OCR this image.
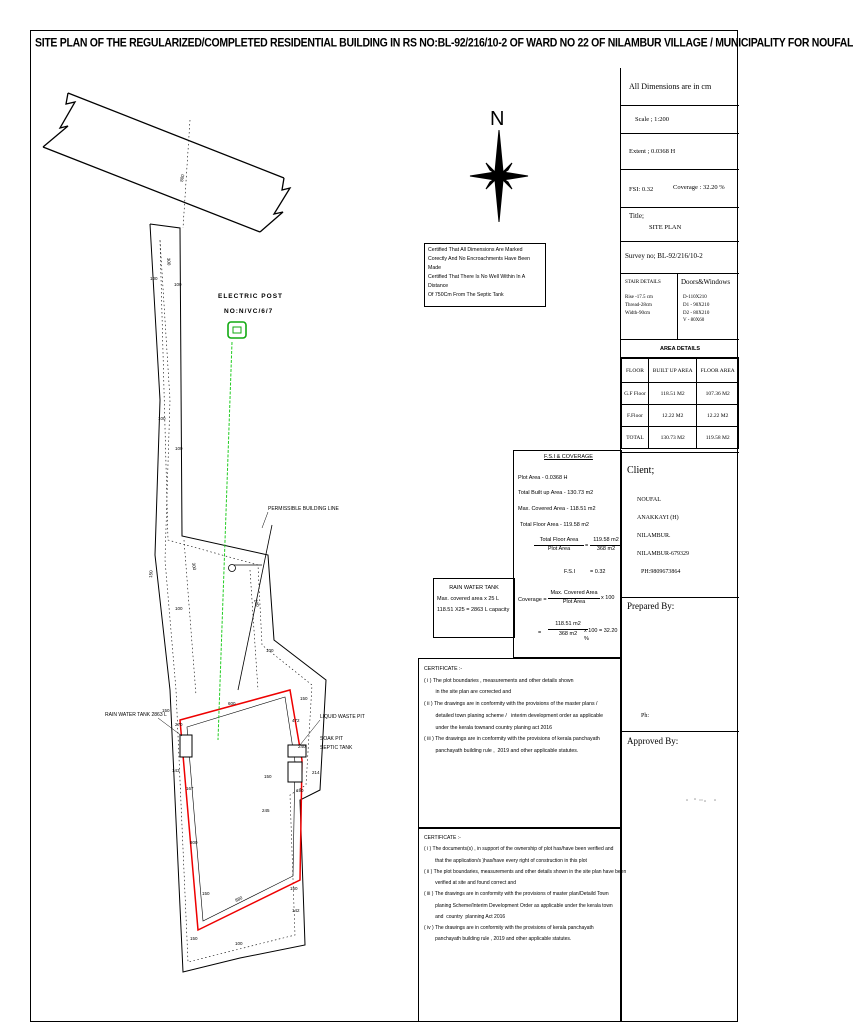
SITE PLAN OF THE REGULARIZED/COMPLETED RESIDENTIAL BUILDING IN RS NO:BL-92/216/10-2 OF WARD NO 22 OF NILAMBUR VILLAGE / MUNICIPALITY FOR NOUFAL
ELECTRIC POST
NO:N/VC/6/7
RAIN WATER TANK 2863 L	LIQUID WASTE PIT
SOAK PIT
SEPTIC TANK
PERMISSIBLE BUILDING LINE
N
800
300
100
100
300
150
200
100
270
150
600
472
240
214
143
150
190
167
245
880
800
150
150
150
142
150
100
100
100
100
Certified That All Dimensions Are Marked
Corectly And No Encroachments Have Been Made
Certified That There Is No Well Within In A Distance
Of 750Cm From The Septic Tank
RAIN WATER TANK
Max. covered area x 25 L
118.51 X25 = 2863 L capacity
F.S.I & COVERAGE
Plot Area - 0.0368 H
Total Built up Area - 130.73 m2
Max. Covered Area - 118.51 m2
Total Floor Area - 119.58 m2
Total Floor Area
Plot Area	=
119.58 m2
368 m2
F.S.I	= 0.32
Coverage =
Max. Covered Area
Plot Area
x 100
=
118.51 m2
368 m2	x 100 = 32.20 %
CERTIFICATE :-
( i ) The plot boundaries , measurements and other details shown
in the site plan are corrected and
( ii ) The drawings are in conformity with the provisions of the master plans /
detailed town planing scheme /   interim development order as applicable
under the kerala townand country planing act 2016
( iii ) The drawings are in conformity with the provisions of kerala panchayath
panchayath building rule ,  2019 and other applicable statutes.
CERTIFICATE :-
( i ) The documents(s) , in support of the ownership of plot has/have been verified and
that the application/s )has/have every right of construction in this plot
( ii ) The plot boundaries, measurements and other details shown in the site plan have been
verified at site and found correct and
( iii ) The drawings are in conformity with the provisions of master plan/Detaild Town
planing Scheme/Interim Development Order as applicable under the kerala town
and  country  planning Act 2016
( iv ) The drawings are in conformity with the provisions of kerala panchayath
panchayath building rule , 2019 and other applicable statutes.
All Dimensions are in cm
Scale ; 1:200
Extent ; 0.0368 H
FSI: 0.32	Coverage : 32.20 %
Title;
SITE PLAN
Survey no; BL-92/216/10-2
STAIR DETAILS
Rise -17.5 cm
Thread-28cm
Width-90cm
Doors&Windows
D-110X210
D1 - 90X210
D2 - 80X210
V - 80X60
AREA DETAILS
FLOOR	BUILT UP AREA	FLOOR AREA
G.F Floor	118.51 M2	107.36 M2
F.Floor	12.22 M2	12.22 M2
TOTAL	130.73 M2	119.58 M2
Client;
NOUFAL
ANAKKAYI (H)
NILAMBUR.
NILAMBUR-679329
PH:9809673864
Prepared By:
Ph:
Approved By:
